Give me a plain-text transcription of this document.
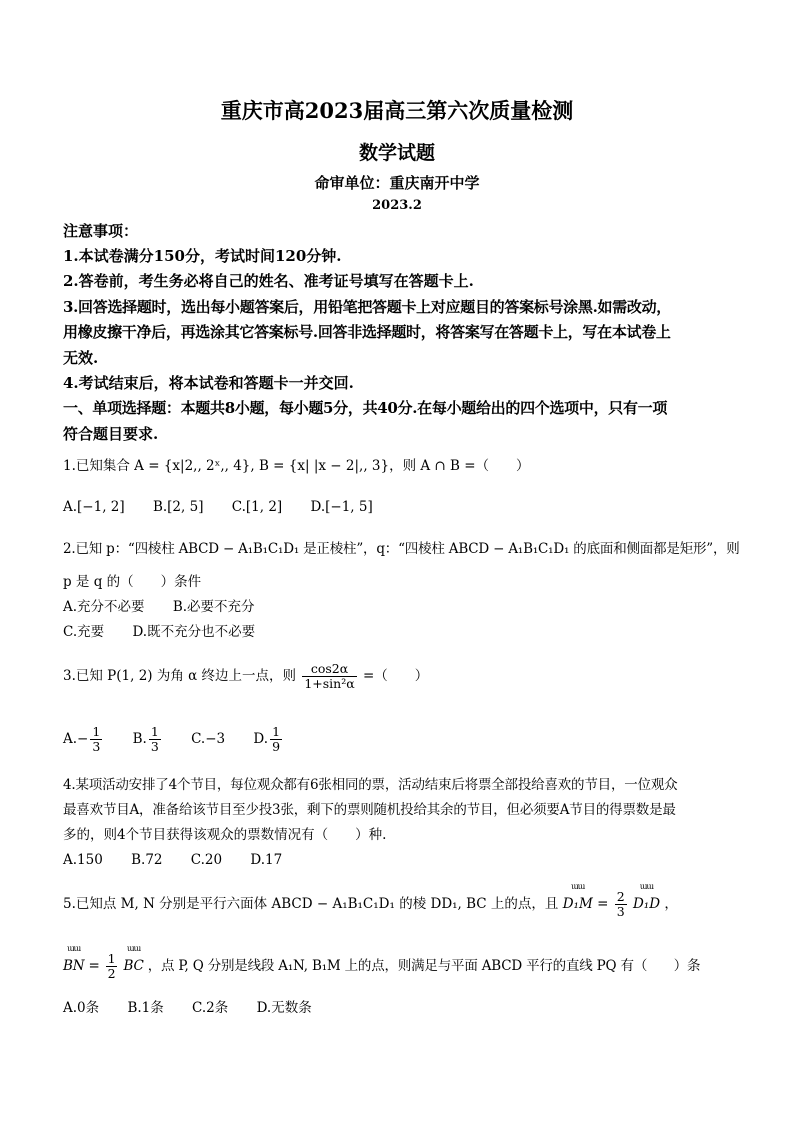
重庆市高2023届高三第六次质量检测
数学试题
命审单位：重庆南开中学
2023.2
注意事项：
1.本试卷满分150分，考试时间120分钟.
2.答卷前，考生务必将自己的姓名、准考证号填写在答题卡上.
3.回答选择题时，选出每小题答案后，用铅笔把答题卡上对应题目的答案标号涂黑.如需改动，
用橡皮擦干净后，再选涂其它答案标号.回答非选择题时，将答案写在答题卡上，写在本试卷上
无效.
4.考试结束后，将本试卷和答题卡一并交回.
一、单项选择题：本题共8小题，每小题5分，共40分.在每小题给出的四个选项中，只有一项
符合题目要求.
1.已知集合 A = {x|2,, 2ˣ,, 4}, B = {x| |x − 2|,, 3}，则 A ∩ B =（　　）
A.[−1, 2] B.[2, 5] C.[1, 2] D.[−1, 5]
2.已知 p：“四棱柱 ABCD − A₁B₁C₁D₁ 是正棱柱”，q：“四棱柱 ABCD − A₁B₁C₁D₁ 的底面和侧面都是矩形”，则
p 是 q 的（　　）条件
A.充分不必要 B.必要不充分
C.充要 D.既不充分也不必要
3.已知 P(1, 2) 为角 α 终边上一点，则 $\frac{\cos 2\alpha}{\text{1+sin²α}}$ =（　　）
$A.- \frac{1}{3} B$. $\frac{1}{3} C.-3$ D. $\frac{1}{9}$
4.某项活动安排了4个节目，每位观众都有6张相同的票，活动结束后将票全部投给喜欢的节目，一位观众
最喜欢节目A，准备给该节目至少投3张，剩下的票则随机投给其余的节目，但必须要A节目的得票数是最
多的，则4个节目获得该观众的票数情况有（　　）种.
A.150 B.72 C.20 D.17
5.已知点 M, N 分别是平行六面体 ABCD − A₁B₁C₁D₁ 的棱 DD₁, BC 上的点，且
ɯɯ
$D_1M = \frac{2}{3}$

ɯɯ
D₁D ，
ɯɯ
BN = $\frac{1}{2}$

ɯɯ
BC ，点 P, Q 分别是线段 A₁N, B₁M 上的点，则满足与平面 ABCD 平行的直线 PQ 有（　　）条
A.0条 B.1条 C.2条 D.无数条
